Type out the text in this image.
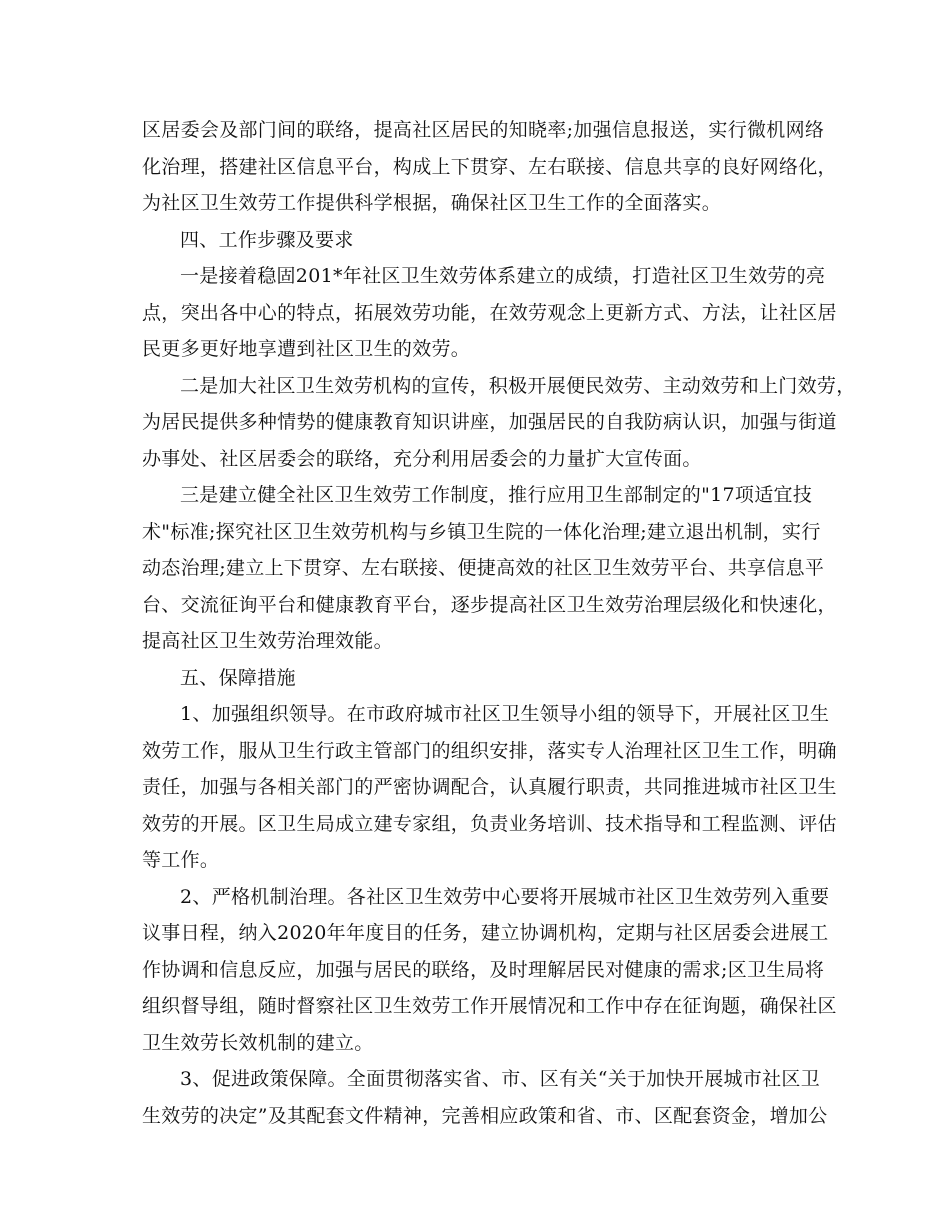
区居委会及部门间的联络，提高社区居民的知晓率;加强信息报送，实行微机网络
化治理，搭建社区信息平台，构成上下贯穿、左右联接、信息共享的良好网络化，
为社区卫生效劳工作提供科学根据，确保社区卫生工作的全面落实。
四、工作步骤及要求
一是接着稳固201*年社区卫生效劳体系建立的成绩，打造社区卫生效劳的亮
点，突出各中心的特点，拓展效劳功能，在效劳观念上更新方式、方法，让社区居
民更多更好地享遭到社区卫生的效劳。
二是加大社区卫生效劳机构的宣传，积极开展便民效劳、主动效劳和上门效劳，
为居民提供多种情势的健康教育知识讲座，加强居民的自我防病认识，加强与街道
办事处、社区居委会的联络，充分利用居委会的力量扩大宣传面。
三是建立健全社区卫生效劳工作制度，推行应用卫生部制定的"17项适宜技
术"标准;探究社区卫生效劳机构与乡镇卫生院的一体化治理;建立退出机制，实行
动态治理;建立上下贯穿、左右联接、便捷高效的社区卫生效劳平台、共享信息平
台、交流征询平台和健康教育平台，逐步提高社区卫生效劳治理层级化和快速化，
提高社区卫生效劳治理效能。
五、保障措施
1、加强组织领导。在市政府城市社区卫生领导小组的领导下，开展社区卫生
效劳工作，服从卫生行政主管部门的组织安排，落实专人治理社区卫生工作，明确
责任，加强与各相关部门的严密协调配合，认真履行职责，共同推进城市社区卫生
效劳的开展。区卫生局成立建专家组，负责业务培训、技术指导和工程监测、评估
等工作。
2、严格机制治理。各社区卫生效劳中心要将开展城市社区卫生效劳列入重要
议事日程，纳入2020年年度目的任务，建立协调机构，定期与社区居委会进展工
作协调和信息反应，加强与居民的联络，及时理解居民对健康的需求;区卫生局将
组织督导组，随时督察社区卫生效劳工作开展情况和工作中存在征询题，确保社区
卫生效劳长效机制的建立。
3、促进政策保障。全面贯彻落实省、市、区有关“关于加快开展城市社区卫
生效劳的决定”及其配套文件精神，完善相应政策和省、市、区配套资金，增加公
